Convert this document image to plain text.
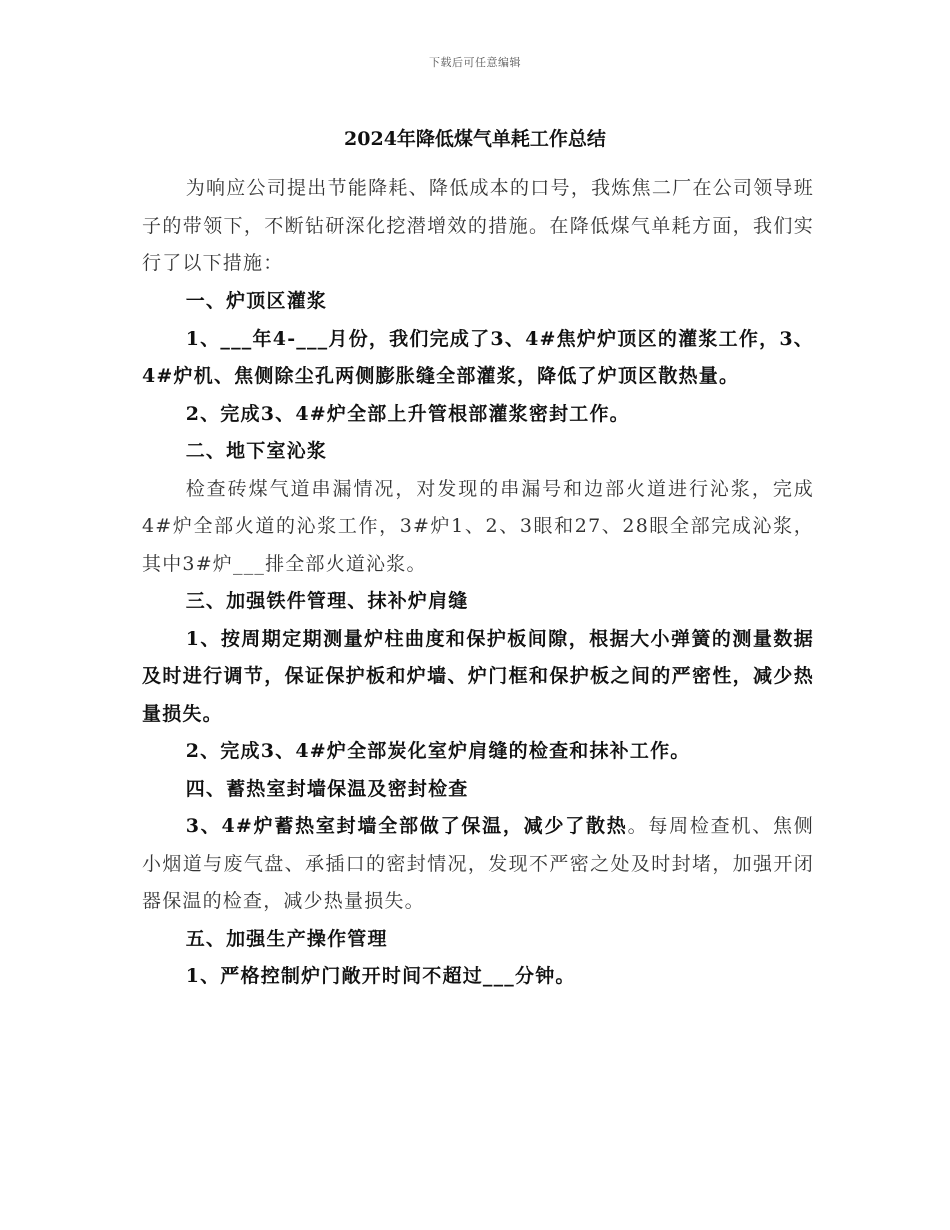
下载后可任意编辑
2024年降低煤气单耗工作总结

为响应公司提出节能降耗、降低成本的口号，我炼焦二厂在公司领导班子的带领下，不断钻研深化挖潜增效的措施。在降低煤气单耗方面，我们实行了以下措施：

一、炉顶区灌浆

1、___年4-___月份，我们完成了3、4#焦炉炉顶区的灌浆工作，3、4#炉机、焦侧除尘孔两侧膨胀缝全部灌浆，降低了炉顶区散热量。

2、完成3、4#炉全部上升管根部灌浆密封工作。

二、地下室沁浆

检查砖煤气道串漏情况，对发现的串漏号和边部火道进行沁浆，完成4#炉全部火道的沁浆工作，3#炉1、2、3眼和27、28眼全部完成沁浆，其中3#炉___排全部火道沁浆。

三、加强铁件管理、抹补炉肩缝

1、按周期定期测量炉柱曲度和保护板间隙，根据大小弹簧的测量数据及时进行调节，保证保护板和炉墙、炉门框和保护板之间的严密性，减少热量损失。

2、完成3、4#炉全部炭化室炉肩缝的检查和抹补工作。

四、蓄热室封墙保温及密封检查

3、4#炉蓄热室封墙全部做了保温，减少了散热。每周检查机、焦侧小烟道与废气盘、承插口的密封情况，发现不严密之处及时封堵，加强开闭器保温的检查，减少热量损失。

五、加强生产操作管理

1、严格控制炉门敞开时间不超过___分钟。
